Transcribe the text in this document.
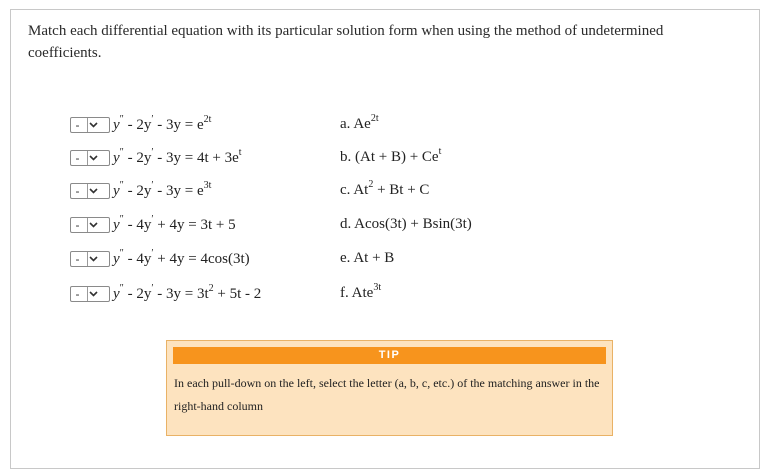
Match each differential equation with its particular solution form when using the method of undetermined coefficients.
-	$y'' - 2y' - 3y = e^{2t}$	a. $Ae^{2t}$
-	$y'' - 2y' - 3y = 4t + 3e^t$	b. $(At + B) + Ce^t$
-	$y'' - 2y' - 3y = e^{3t}$	c. $At^2 + Bt + C$
-	y″ - 4y′ + 4y = 3t + 5	d. Acos(3t) + Bsin(3t)
-	y″ - 4y′ + 4y = 4cos(3t)	e. At + B
-	$y'' - 2y' - 3y = 3t^2 + 5t - 2$	f. Ate$^{3t}$
TIP
In each pull-down on the left, select the letter (a, b, c, etc.) of the matching answer in the right-hand column
